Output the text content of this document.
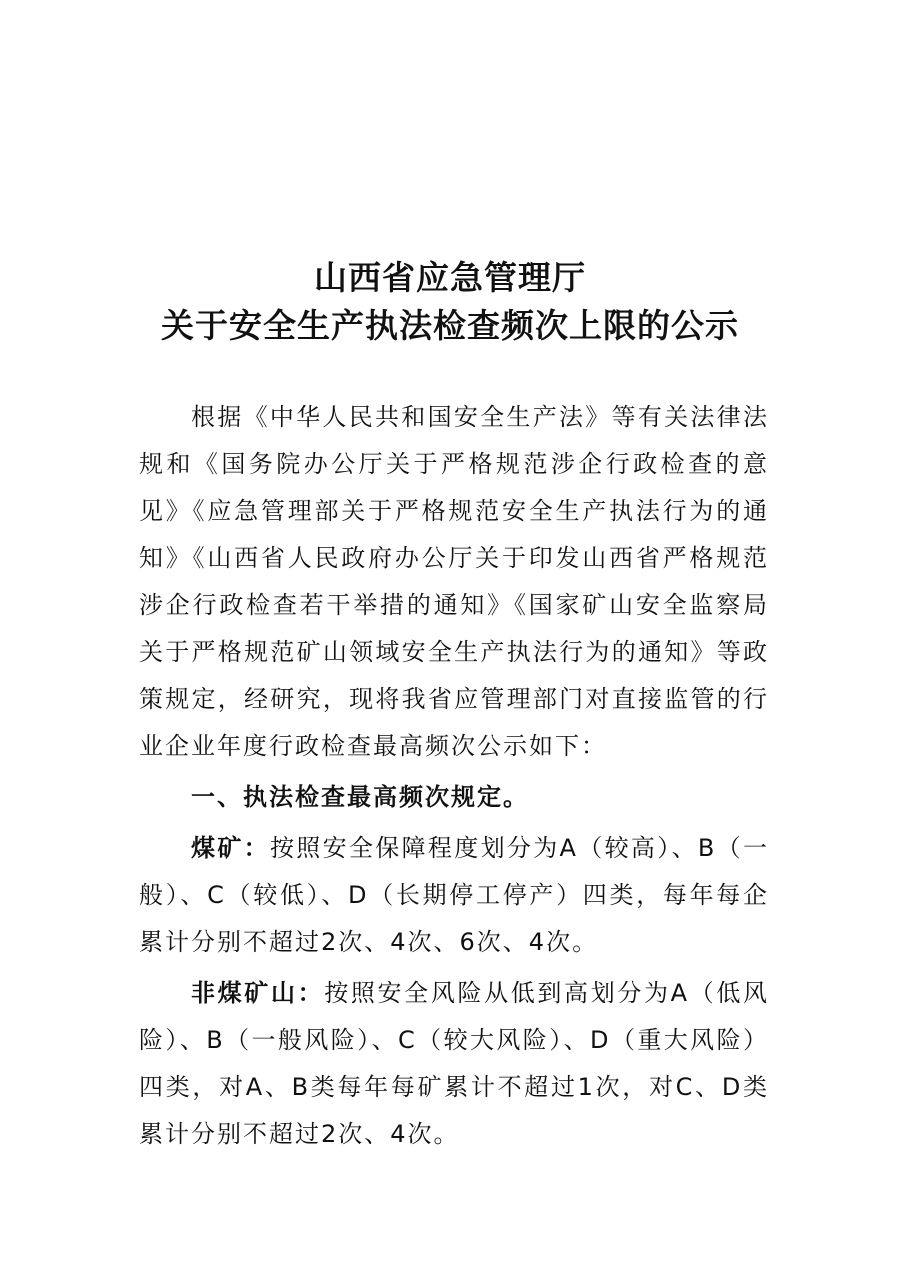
山西省应急管理厅
关于安全生产执法检查频次上限的公示

根据《中华人民共和国安全生产法》等有关法律法规和《国务院办公厅关于严格规范涉企行政检查的意见》《应急管理部关于严格规范安全生产执法行为的通知》《山西省人民政府办公厅关于印发山西省严格规范涉企行政检查若干举措的通知》《国家矿山安全监察局关于严格规范矿山领域安全生产执法行为的通知》等政策规定，经研究，现将我省应管理部门对直接监管的行业企业年度行政检查最高频次公示如下：

一、执法检查最高频次规定。

煤矿：按照安全保障程度划分为A（较高）、B（一般）、C（较低）、D（长期停工停产）四类，每年每企累计分别不超过2次、4次、6次、4次。

非煤矿山：按照安全风险从低到高划分为A（低风险）、B（一般风险）、C（较大风险）、D（重大风险）四类，对A、B类每年每矿累计不超过1次，对C、D类累计分别不超过2次、4次。
